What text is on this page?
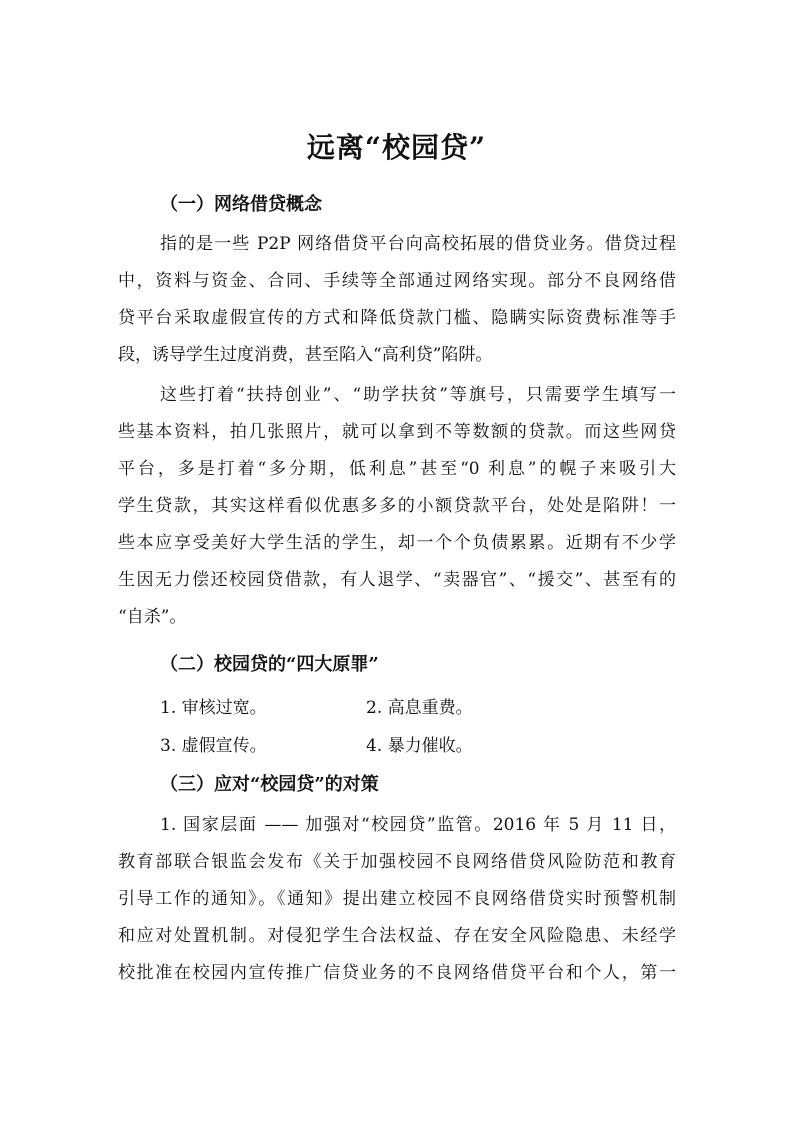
远离“校园贷”
（一）网络借贷概念
指的是一些 P2P 网络借贷平台向高校拓展的借贷业务。借贷过程
中，资料与资金、合同、手续等全部通过网络实现。部分不良网络借
贷平台采取虚假宣传的方式和降低贷款门槛、隐瞒实际资费标准等手
段，诱导学生过度消费，甚至陷入“高利贷”陷阱。
这些打着“扶持创业”、“助学扶贫”等旗号，只需要学生填写一
些基本资料，拍几张照片，就可以拿到不等数额的贷款。而这些网贷
平台，多是打着“多分期，低利息”甚至“0 利息”的幌子来吸引大
学生贷款，其实这样看似优惠多多的小额贷款平台，处处是陷阱！一
些本应享受美好大学生活的学生，却一个个负债累累。近期有不少学
生因无力偿还校园贷借款，有人退学、“卖器官”、“援交”、甚至有的
“自杀”。
（二）校园贷的“四大原罪”
1. 审核过宽。	2. 高息重费。
3. 虚假宣传。	4. 暴力催收。
（三）应对“校园贷”的对策
1. 国家层面 —— 加强对“校园贷”监管。2016 年 5 月 11 日，
教育部联合银监会发布《关于加强校园不良网络借贷风险防范和教育
引导工作的通知》。《通知》提出建立校园不良网络借贷实时预警机制
和应对处置机制。对侵犯学生合法权益、存在安全风险隐患、未经学
校批准在校园内宣传推广信贷业务的不良网络借贷平台和个人，第一
